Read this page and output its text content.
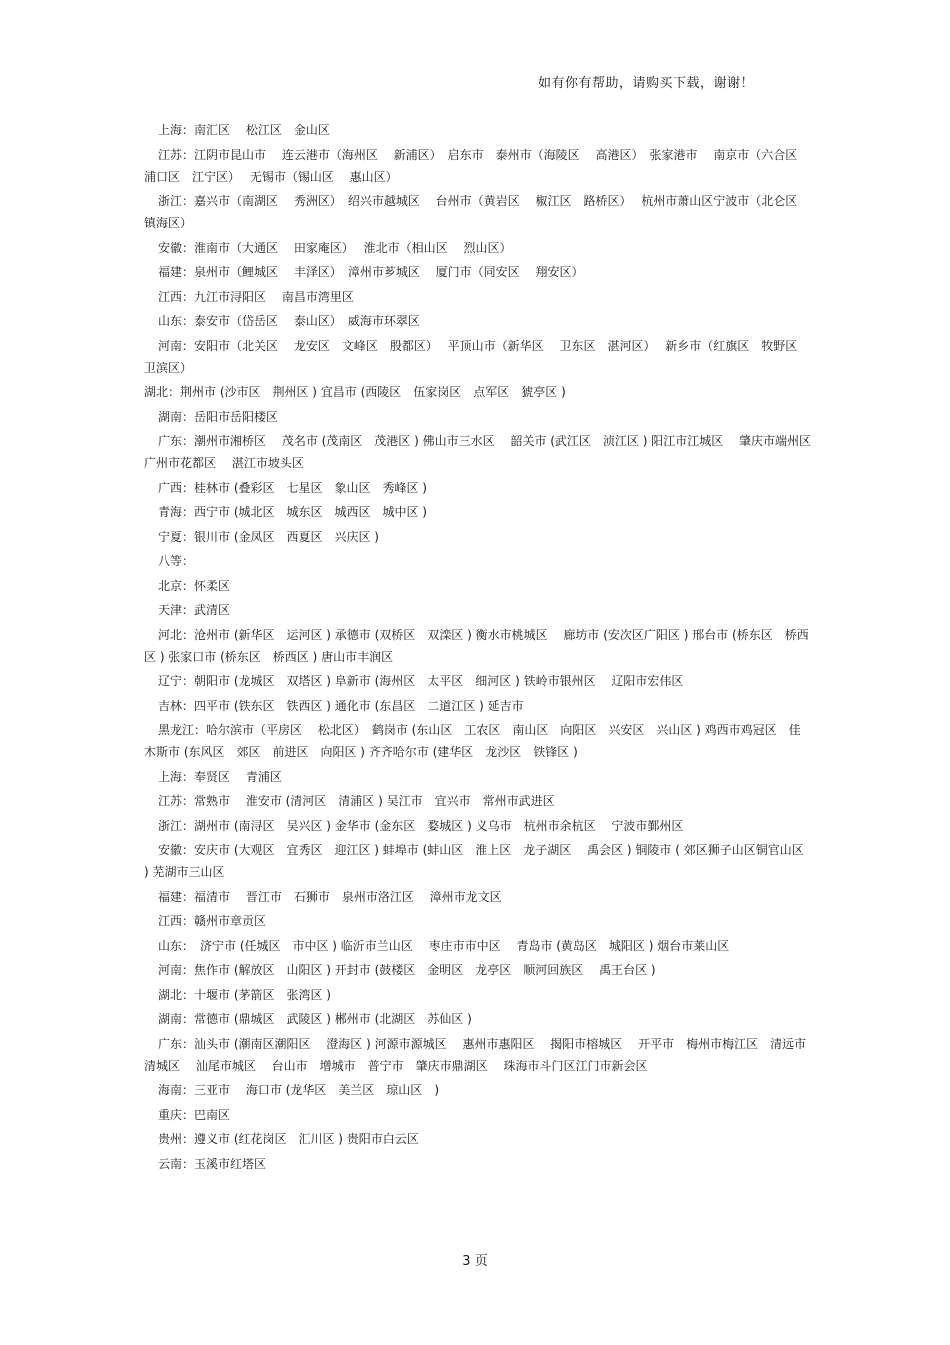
如有你有帮助，请购买下载，谢谢！

上海：南汇区　 松江区　金山区

江苏：江阴市昆山市　 连云港市（海州区　 新浦区）　启东市　泰州市（海陵区　 高港区）　张家港市　 南京市（六合区　浦口区　江宁区）　 无锡市（锡山区　 惠山区）

浙江：嘉兴市（南湖区　 秀洲区）　绍兴市越城区　 台州市（黄岩区　 椒江区　路桥区）　 杭州市萧山区宁波市（北仑区　镇海区）

安徽：淮南市（大通区　 田家庵区）　 淮北市（相山区　 烈山区）

福建：泉州市（鲤城区　 丰泽区）　漳州市芗城区　 厦门市（同安区　 翔安区）

江西：九江市浔阳区　 南昌市湾里区

山东：泰安市（岱岳区　 泰山区）　威海市环翠区

河南：安阳市（北关区　 龙安区　文峰区　殷都区）　 平顶山市（新华区　 卫东区　湛河区）　 新乡市（红旗区　牧野区　卫滨区）

湖北：荆州市 (沙市区　荆州区 ) 宜昌市 (西陵区　伍家岗区　点军区　猇亭区 )

湖南：岳阳市岳阳楼区

广东：潮州市湘桥区　 茂名市 (茂南区　茂港区 ) 佛山市三水区　 韶关市 (武江区　浈江区 ) 阳江市江城区　 肇庆市端州区　广州市花都区　 湛江市坡头区

广西：桂林市 (叠彩区　七星区　象山区　秀峰区 )

青海：西宁市 (城北区　城东区　城西区　城中区 )

宁夏：银川市 (金凤区　西夏区　兴庆区 )

八等：

北京：怀柔区

天津：武清区

河北：沧州市 (新华区　运河区 ) 承德市 (双桥区　双滦区 ) 衡水市桃城区　 廊坊市 (安次区广阳区 ) 邢台市 (桥东区　桥西区 ) 张家口市 (桥东区　桥西区 ) 唐山市丰润区

辽宁：朝阳市 (龙城区　双塔区 ) 阜新市 (海州区　太平区　细河区 ) 铁岭市银州区　 辽阳市宏伟区

吉林：四平市 (铁东区　铁西区 ) 通化市 (东昌区　二道江区 ) 延吉市

黑龙江：哈尔滨市（平房区　 松北区）　鹤岗市 (东山区　工农区　南山区　向阳区　兴安区　兴山区 ) 鸡西市鸡冠区　佳木斯市 (东风区　郊区　前进区　向阳区 ) 齐齐哈尔市 (建华区　龙沙区　铁锋区 )

上海：奉贤区　 青浦区

江苏：常熟市　 淮安市 (清河区　清浦区 ) 吴江市　宜兴市　常州市武进区

浙江：湖州市 (南浔区　吴兴区 ) 金华市 (金东区　婺城区 ) 义乌市　杭州市余杭区　 宁波市鄞州区

安徽：安庆市 (大观区　宜秀区　迎江区 ) 蚌埠市 (蚌山区　淮上区　龙子湖区　 禹会区 ) 铜陵市 ( 郊区狮子山区铜官山区 ) 芜湖市三山区

福建：福清市　 晋江市　石狮市　泉州市洛江区　 漳州市龙文区

江西：赣州市章贡区

山东：　济宁市 (任城区　市中区 ) 临沂市兰山区　 枣庄市市中区　 青岛市 (黄岛区　城阳区 ) 烟台市莱山区

河南：焦作市 (解放区　山阳区 ) 开封市 (鼓楼区　金明区　龙亭区　顺河回族区　 禹王台区 )

湖北：十堰市 (茅箭区　张湾区 )

湖南：常德市 (鼎城区　武陵区 ) 郴州市 (北湖区　苏仙区 )

广东：汕头市 (潮南区潮阳区　 澄海区 ) 河源市源城区　 惠州市惠阳区　 揭阳市榕城区　 开平市　梅州市梅江区　清远市清城区　 汕尾市城区　 台山市　增城市　普宁市　肇庆市鼎湖区　 珠海市斗门区江门市新会区

海南：三亚市　 海口市 (龙华区　美兰区　琼山区　)

重庆：巴南区

贵州：遵义市 (红花岗区　汇川区 ) 贵阳市白云区

云南：玉溪市红塔区

3 页
